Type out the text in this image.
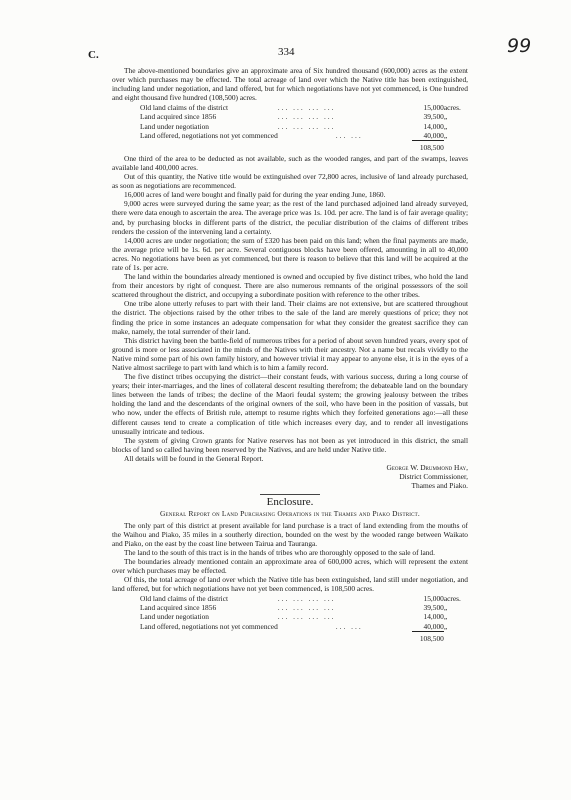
C.	334	99

The above-mentioned boundaries give an approximate area of Six hundred thousand (600,000) acres as the extent over which purchases may be effected. The total acreage of land over which the Native title has been extinguished, including land under negotiation, and land offered, but for which negotiations have not yet commenced, is One hundred and eight thousand five hundred (108,500) acres.

Old land claims of the district	... ... ... ...	15,000	acres.
Land acquired since 1856	... ... ... ...	39,500	„
Land under negotiation	... ... ... ...	14,000	„
Land offered, negotiations not yet commenced	... ...	40,000	„
		108,500	

One third of the area to be deducted as not available, such as the wooded ranges, and part of the swamps, leaves available land 400,000 acres.

Out of this quantity, the Native title would be extinguished over 72,800 acres, inclusive of land already purchased, as soon as negotiations are recommenced.

16,000 acres of land were bought and finally paid for during the year ending June, 1860.

9,000 acres were surveyed during the same year; as the rest of the land purchased adjoined land already surveyed, there were data enough to ascertain the area. The average price was 1s. 10d. per acre. The land is of fair average quality; and, by purchasing blocks in different parts of the district, the peculiar distribution of the claims of different tribes renders the cession of the intervening land a certainty.

14,000 acres are under negotiation; the sum of £320 has been paid on this land; when the final payments are made, the average price will be 1s. 6d. per acre. Several contiguous blocks have been offered, amounting in all to 40,000 acres. No negotiations have been as yet commenced, but there is reason to believe that this land will be acquired at the rate of 1s. per acre.

The land within the boundaries already mentioned is owned and occupied by five distinct tribes, who hold the land from their ancestors by right of conquest. There are also numerous remnants of the original possessors of the soil scattered throughout the district, and occupying a subordinate position with reference to the other tribes.

One tribe alone utterly refuses to part with their land. Their claims are not extensive, but are scattered throughout the district. The objections raised by the other tribes to the sale of the land are merely questions of price; they not finding the price in some instances an adequate compensation for what they consider the greatest sacrifice they can make, namely, the total surrender of their land.

This district having been the battle-field of numerous tribes for a period of about seven hundred years, every spot of ground is more or less associated in the minds of the Natives with their ancestry. Not a name but recals vividly to the Native mind some part of his own family history, and however trivial it may appear to anyone else, it is in the eyes of a Native almost sacrilege to part with land which is to him a family record.

The five distinct tribes occupying the district—their constant feuds, with various success, during a long course of years; their inter-marriages, and the lines of collateral descent resulting therefrom; the debateable land on the boundary lines between the lands of tribes; the decline of the Maori feudal system; the growing jealousy between the tribes holding the land and the descendants of the original owners of the soil, who have been in the position of vassals, but who now, under the effects of British rule, attempt to resume rights which they forfeited generations ago:—all these different causes tend to create a complication of title which increases every day, and to render all investigations unusually intricate and tedious.

The system of giving Crown grants for Native reserves has not been as yet introduced in this district, the small blocks of land so called having been reserved by the Natives, and are held under Native title.

All details will be found in the General Report.

George W. Drummond Hay,
District Commissioner,
Thames and Piako.
Enclosure.
General Report on Land Purchasing Operations in the Thames and Piako District.

The only part of this district at present available for land purchase is a tract of land extending from the mouths of the Waihou and Piako, 35 miles in a southerly direction, bounded on the west by the wooded range between Waikato and Piako, on the east by the coast line between Tairua and Tauranga.

The land to the south of this tract is in the hands of tribes who are thoroughly opposed to the sale of land.

The boundaries already mentioned contain an approximate area of 600,000 acres, which will represent the extent over which purchases may be effected.

Of this, the total acreage of land over which the Native title has been extinguished, land still under negotiation, and land offered, but for which negotiations have not yet been commenced, is 108,500 acres.

Old land claims of the district	... ... ... ...	15,000	acres.
Land acquired since 1856	... ... ... ...	39,500	„
Land under negotiation	... ... ... ...	14,000	„
Land offered, negotiations not yet commenced	... ...	40,000	„
		108,500	
